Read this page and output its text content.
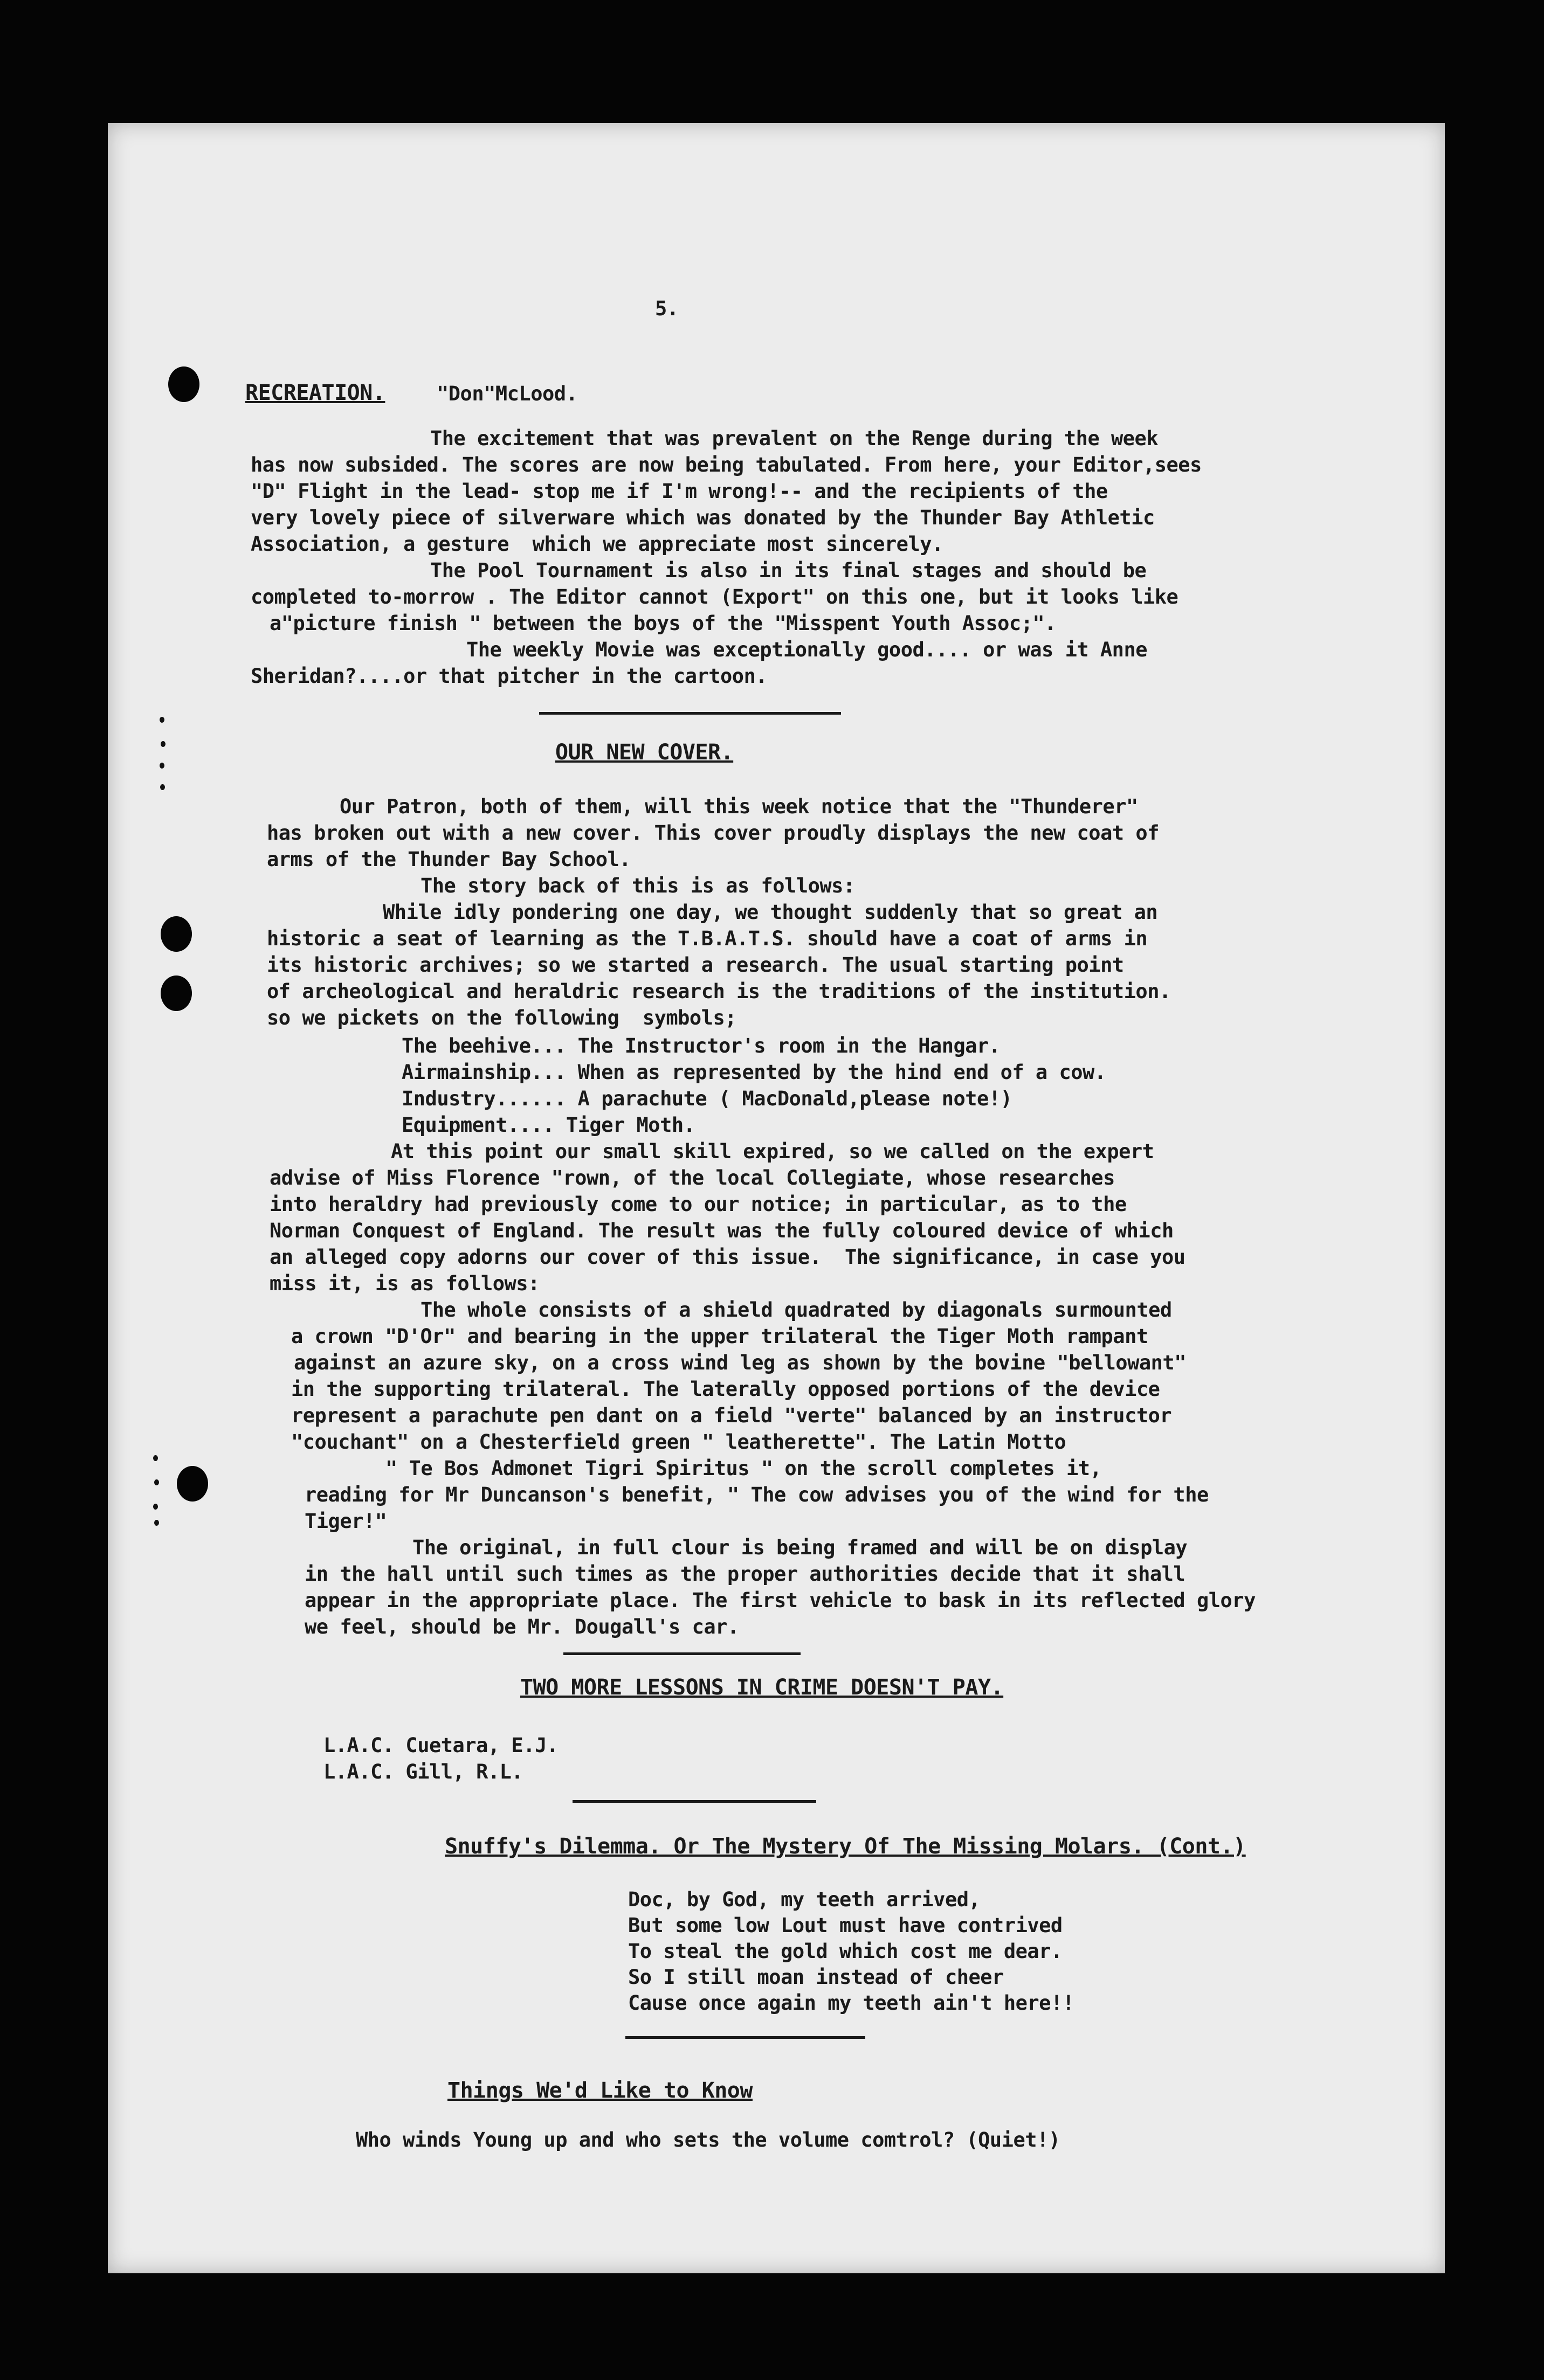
5.
RECREATION.	"Don"McLood.
The excitement that was prevalent on the Renge during the week
has now subsided. The scores are now being tabulated. From here, your Editor,sees
"D" Flight in the lead- stop me if I'm wrong!-- and the recipients of the
very lovely piece of silverware which was donated by the Thunder Bay Athletic
Association, a gesture  which we appreciate most sincerely.
The Pool Tournament is also in its final stages and should be
completed to-morrow . The Editor cannot (Export" on this one, but it looks like
a"picture finish " between the boys of the "Misspent Youth Assoc;".
The weekly Movie was exceptionally good.... or was it Anne
Sheridan?....or that pitcher in the cartoon.
OUR NEW COVER.
Our Patron, both of them, will this week notice that the "Thunderer"
has broken out with a new cover. This cover proudly displays the new coat of
arms of the Thunder Bay School.
The story back of this is as follows:
While idly pondering one day, we thought suddenly that so great an
historic a seat of learning as the T.B.A.T.S. should have a coat of arms in
its historic archives; so we started a research. The usual starting point
of archeological and heraldric research is the traditions of the institution.
so we pickets on the following  symbols;
The beehive... The Instructor's room in the Hangar.
Airmainship... When as represented by the hind end of a cow.
Industry...... A parachute ( MacDonald,please note!)
Equipment.... Tiger Moth.
At this point our small skill expired, so we called on the expert
advise of Miss Florence "rown, of the local Collegiate, whose researches
into heraldry had previously come to our notice; in particular, as to the
Norman Conquest of England. The result was the fully coloured device of which
an alleged copy adorns our cover of this issue.  The significance, in case you
miss it, is as follows:
The whole consists of a shield quadrated by diagonals surmounted
a crown "D'Or" and bearing in the upper trilateral the Tiger Moth rampant
against an azure sky, on a cross wind leg as shown by the bovine "bellowant"
in the supporting trilateral. The laterally opposed portions of the device
represent a parachute pen dant on a field "verte" balanced by an instructor
"couchant" on a Chesterfield green " leatherette". The Latin Motto
" Te Bos Admonet Tigri Spiritus " on the scroll completes it,
reading for Mr Duncanson's benefit, " The cow advises you of the wind for the
Tiger!"
The original, in full clour is being framed and will be on display
in the hall until such times as the proper authorities decide that it shall
appear in the appropriate place. The first vehicle to bask in its reflected glory
we feel, should be Mr. Dougall's car.
TWO MORE LESSONS IN CRIME DOESN'T PAY.
L.A.C. Cuetara, E.J.
L.A.C. Gill, R.L.
Snuffy's Dilemma. Or The Mystery Of The Missing Molars. (Cont.)
Doc, by God, my teeth arrived,
But some low Lout must have contrived
To steal the gold which cost me dear.
So I still moan instead of cheer
Cause once again my teeth ain't here!!
Things We'd Like to Know
Who winds Young up and who sets the volume comtrol? (Quiet!)
